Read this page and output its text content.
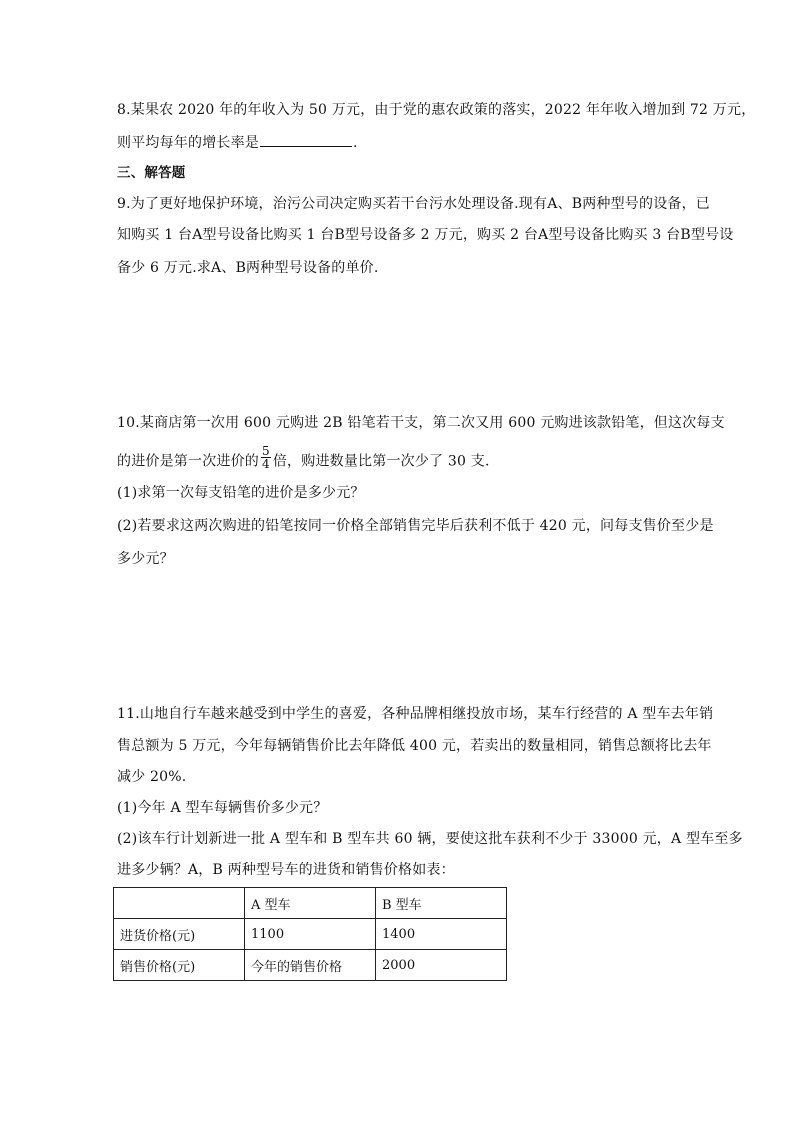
8.某果农 2020 年的年收入为 50 万元，由于党的惠农政策的落实，2022 年年收入增加到 72 万元，
则平均每年的增长率是	.
三、解答题
9.为了更好地保护环境，治污公司决定购买若干台污水处理设备.现有A、B两种型号的设备，已
知购买 1 台A型号设备比购买 1 台B型号设备多 2 万元，购买 2 台A型号设备比购买 3 台B型号设
备少 6 万元.求A、B两种型号设备的单价.
10.某商店第一次用 600 元购进 2B 铅笔若干支，第二次又用 600 元购进该款铅笔，但这次每支
的进价是第一次进价的 $\frac{5}{4}$ 倍，购进数量比第一次少了 30 支.
(1)求第一次每支铅笔的进价是多少元？
(2)若要求这两次购进的铅笔按同一价格全部销售完毕后获利不低于 420 元，问每支售价至少是
多少元？
11.山地自行车越来越受到中学生的喜爱，各种品牌相继投放市场，某车行经营的 A 型车去年销
售总额为 5 万元，今年每辆销售价比去年降低 400 元，若卖出的数量相同，销售总额将比去年
减少 20%.
(1)今年 A 型车每辆售价多少元？
(2)该车行计划新进一批 A 型车和 B 型车共 60 辆，要使这批车获利不少于 33000 元，A 型车至多
进多少辆？A，B 两种型号车的进货和销售价格如表：
	A 型车	B 型车
进货价格(元)	1100	1400
销售价格(元)	今年的销售价格	2000
